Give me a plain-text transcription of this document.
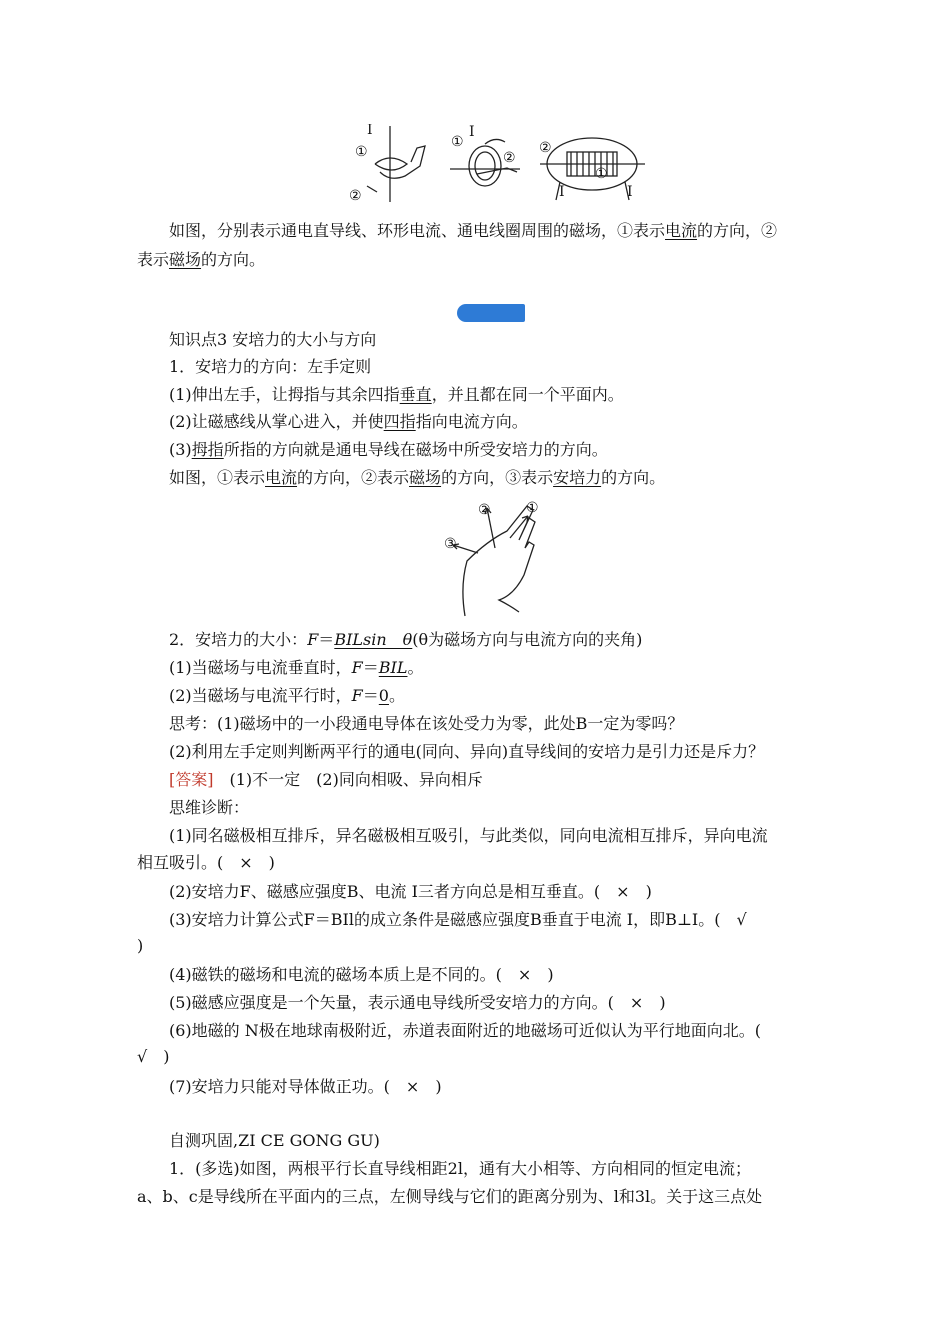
I
①
②
①
I
②
②
①
I	I
如图，分别表示通电直导线、环形电流、通电线圈周围的磁场，①表示电流的方向，②
表示磁场的方向。
知识点3 安培力的大小与方向
1．安培力的方向：左手定则
(1)伸出左手，让拇指与其余四指垂直，并且都在同一个平面内。
(2)让磁感线从掌心进入，并使四指指向电流方向。
(3)拇指所指的方向就是通电导线在磁场中所受安培力的方向。
如图，①表示电流的方向，②表示磁场的方向，③表示安培力的方向。
②	①
③
2．安培力的大小：F＝BILsin　θ(θ为磁场方向与电流方向的夹角)
(1)当磁场与电流垂直时，F＝BIL。
(2)当磁场与电流平行时，F＝0。
思考：(1)磁场中的一小段通电导体在该处受力为零，此处B一定为零吗？
(2)利用左手定则判断两平行的通电(同向、异向)直导线间的安培力是引力还是斥力？
[答案]　(1)不一定　(2)同向相吸、异向相斥
思维诊断：
(1)同名磁极相互排斥，异名磁极相互吸引，与此类似，同向电流相互排斥，异向电流
相互吸引。(　×　)
(2)安培力F、磁感应强度B、电流 I三者方向总是相互垂直。(　×　)
(3)安培力计算公式F＝BIl的成立条件是磁感应强度B垂直于电流 I，即B⊥I。(　√
)
(4)磁铁的磁场和电流的磁场本质上是不同的。(　×　)
(5)磁感应强度是一个矢量，表示通电导线所受安培力的方向。(　×　)
(6)地磁的 N极在地球南极附近，赤道表面附近的地磁场可近似认为平行地面向北。(
√　)
(7)安培力只能对导体做正功。(　×　)
自测巩固,ZI CE GONG GU)
1．(多选)如图，两根平行长直导线相距2l，通有大小相等、方向相同的恒定电流；
a、b、c是导线所在平面内的三点，左侧导线与它们的距离分别为、l和3l。关于这三点处
